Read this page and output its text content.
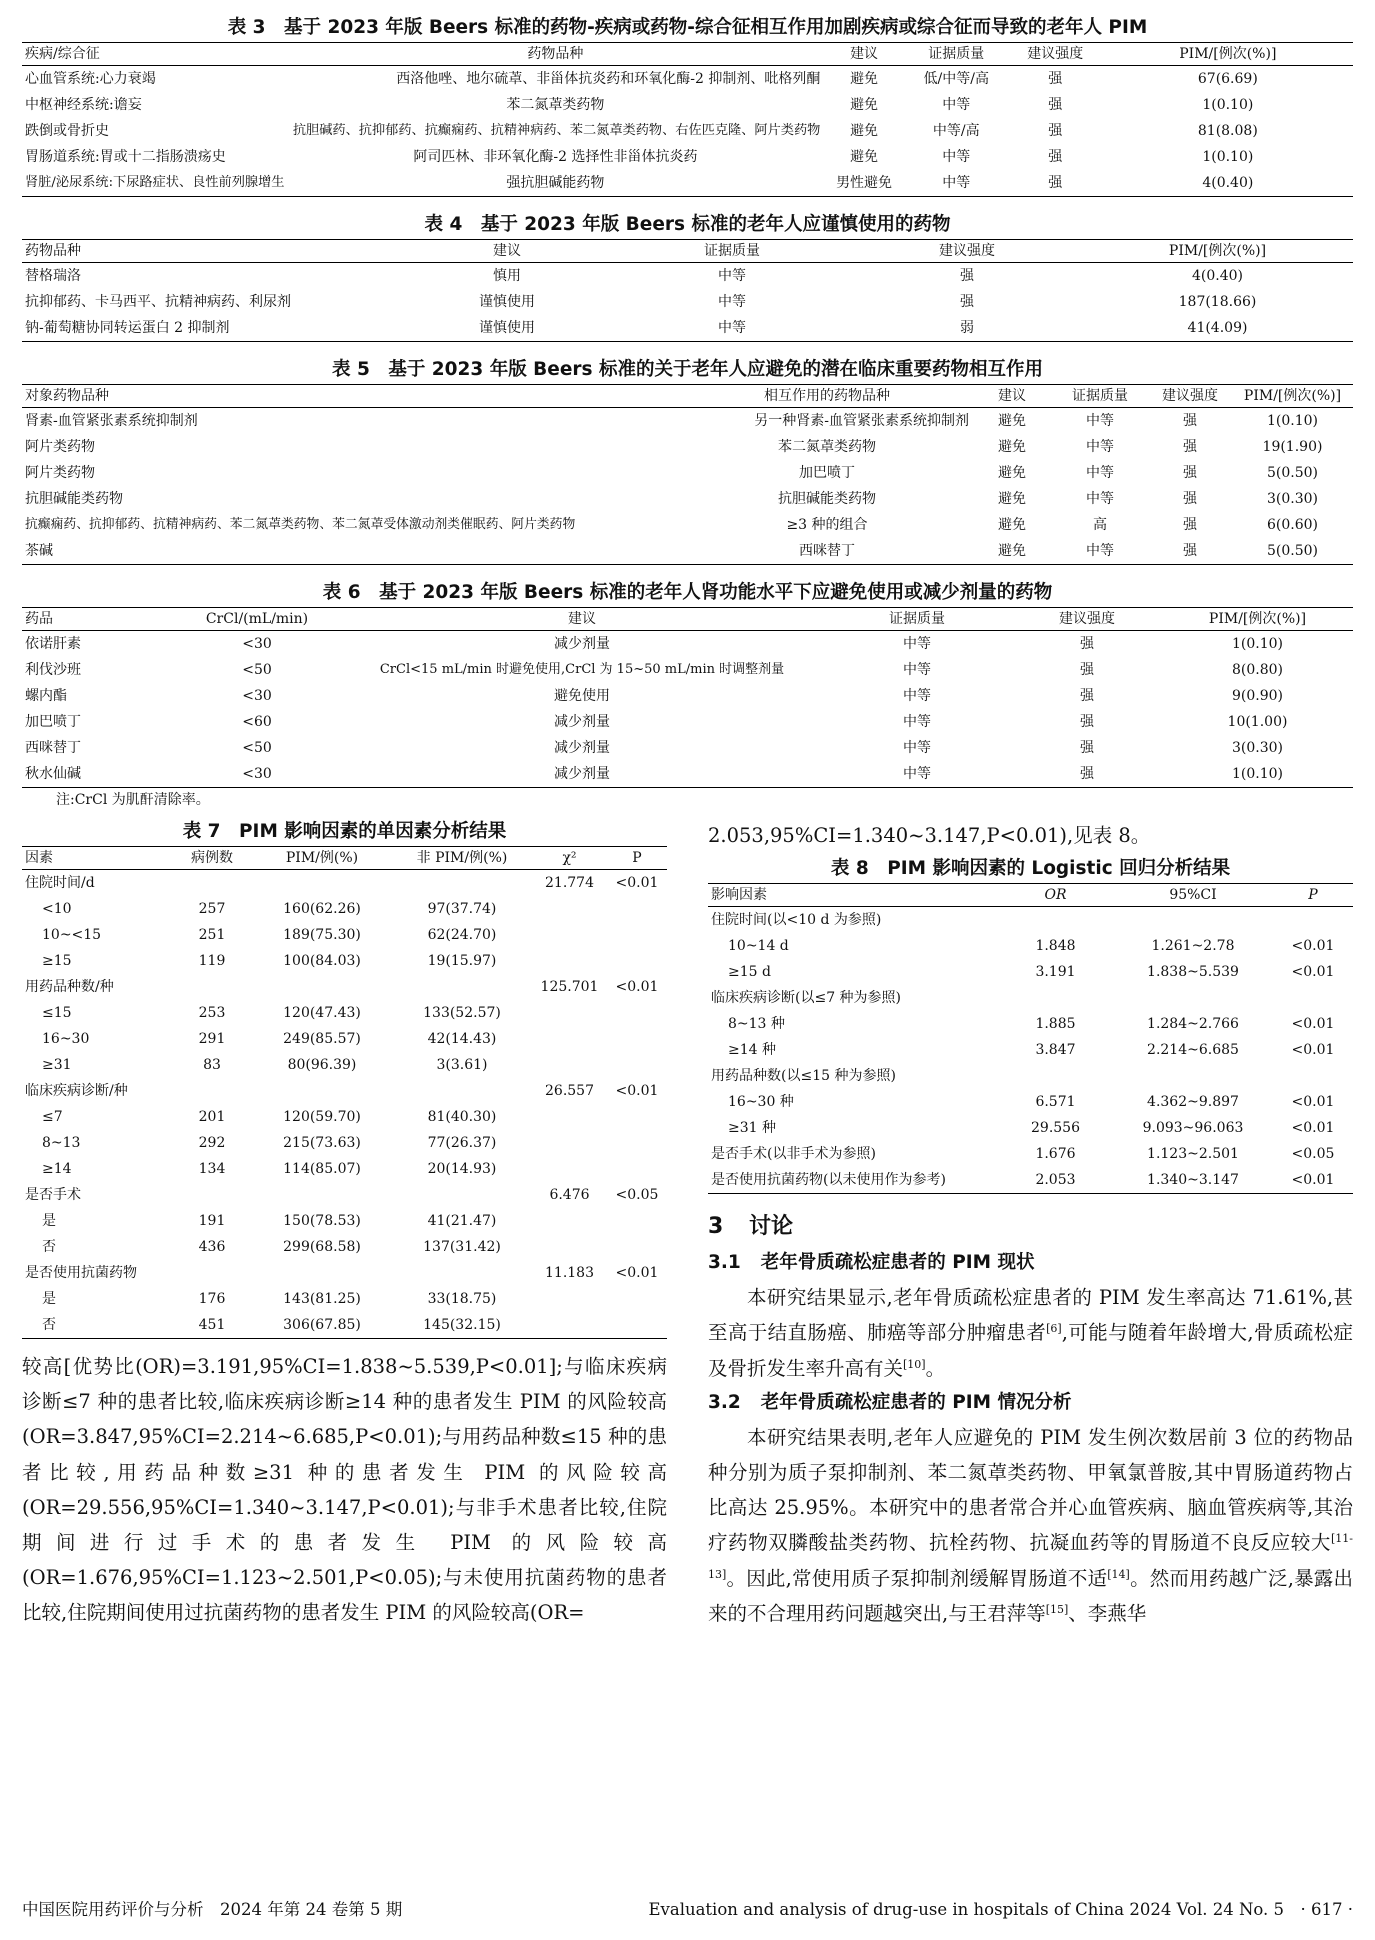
表 3　基于 2023 年版 Beers 标准的药物-疾病或药物-综合征相互作用加剧疾病或综合征而导致的老年人 PIM
疾病/综合征	药物品种	建议	证据质量	建议强度	PIM/[例次(%)]
心血管系统:心力衰竭	西洛他唑、地尔硫䓬、非甾体抗炎药和环氧化酶-2 抑制剂、吡格列酮	避免	低/中等/高	强	67(6.69)
中枢神经系统:谵妄	苯二氮䓬类药物	避免	中等	强	1(0.10)
跌倒或骨折史	抗胆碱药、抗抑郁药、抗癫痫药、抗精神病药、苯二氮䓬类药物、右佐匹克隆、阿片类药物	避免	中等/高	强	81(8.08)
胃肠道系统:胃或十二指肠溃疡史	阿司匹林、非环氧化酶-2 选择性非甾体抗炎药	避免	中等	强	1(0.10)
肾脏/泌尿系统:下尿路症状、良性前列腺增生	强抗胆碱能药物	男性避免	中等	强	4(0.40)
表 4　基于 2023 年版 Beers 标准的老年人应谨慎使用的药物
药物品种	建议	证据质量	建议强度	PIM/[例次(%)]
替格瑞洛	慎用	中等	强	4(0.40)
抗抑郁药、卡马西平、抗精神病药、利尿剂	谨慎使用	中等	强	187(18.66)
钠-葡萄糖协同转运蛋白 2 抑制剂	谨慎使用	中等	弱	41(4.09)
表 5　基于 2023 年版 Beers 标准的关于老年人应避免的潜在临床重要药物相互作用
对象药物品种	相互作用的药物品种	建议	证据质量	建议强度	PIM/[例次(%)]
肾素-血管紧张素系统抑制剂	另一种肾素-血管紧张素系统抑制剂	避免	中等	强	1(0.10)
阿片类药物	苯二氮䓬类药物	避免	中等	强	19(1.90)
阿片类药物	加巴喷丁	避免	中等	强	5(0.50)
抗胆碱能类药物	抗胆碱能类药物	避免	中等	强	3(0.30)
抗癫痫药、抗抑郁药、抗精神病药、苯二氮䓬类药物、苯二氮䓬受体激动剂类催眠药、阿片类药物	≥3 种的组合	避免	高	强	6(0.60)
茶碱	西咪替丁	避免	中等	强	5(0.50)
表 6　基于 2023 年版 Beers 标准的老年人肾功能水平下应避免使用或减少剂量的药物
药品	CrCl/(mL/min)	建议	证据质量	建议强度	PIM/[例次(%)]
依诺肝素	<30	减少剂量	中等	强	1(0.10)
利伐沙班	<50	CrCl<15 mL/min 时避免使用,CrCl 为 15~50 mL/min 时调整剂量	中等	强	8(0.80)
螺内酯	<30	避免使用	中等	强	9(0.90)
加巴喷丁	<60	减少剂量	中等	强	10(1.00)
西咪替丁	<50	减少剂量	中等	强	3(0.30)
秋水仙碱	<30	减少剂量	中等	强	1(0.10)
注:CrCl 为肌酐清除率。
表 7　PIM 影响因素的单因素分析结果
因素	病例数	PIM/例(%)	非 PIM/例(%)	χ²	P
住院时间/d				21.774	<0.01
<10	257	160(62.26)	97(37.74)		
10~<15	251	189(75.30)	62(24.70)		
≥15	119	100(84.03)	19(15.97)		
用药品种数/种				125.701	<0.01
≤15	253	120(47.43)	133(52.57)		
16~30	291	249(85.57)	42(14.43)		
≥31	83	80(96.39)	3(3.61)		
临床疾病诊断/种				26.557	<0.01
≤7	201	120(59.70)	81(40.30)		
8~13	292	215(73.63)	77(26.37)		
≥14	134	114(85.07)	20(14.93)		
是否手术				6.476	<0.05
是	191	150(78.53)	41(21.47)		
否	436	299(68.58)	137(31.42)		
是否使用抗菌药物				11.183	<0.01
是	176	143(81.25)	33(18.75)		
否	451	306(67.85)	145(32.15)		

较高[优势比(OR)=3.191,95%CI=1.838~5.539,P<0.01];与临床疾病诊断≤7 种的患者比较,临床疾病诊断≥14 种的患者发生 PIM 的风险较高(OR=3.847,95%CI=2.214~6.685,P<0.01);与用药品种数≤15 种的患者比较,用药品种数≥31 种的患者发生 PIM 的风险较高(OR=29.556,95%CI=1.340~3.147,P<0.01);与非手术患者比较,住院期间进行过手术的患者发生 PIM 的风险较高(OR=1.676,95%CI=1.123~2.501,P<0.05);与未使用抗菌药物的患者比较,住院期间使用过抗菌药物的患者发生 PIM 的风险较高(OR=

2.053,95%CI=1.340~3.147,P<0.01),见表 8。

表 8　PIM 影响因素的 Logistic 回归分析结果
影响因素	OR	95%CI	P
住院时间(以<10 d 为参照)			
10~14 d	1.848	1.261~2.78	<0.01
≥15 d	3.191	1.838~5.539	<0.01
临床疾病诊断(以≤7 种为参照)			
8~13 种	1.885	1.284~2.766	<0.01
≥14 种	3.847	2.214~6.685	<0.01
用药品种数(以≤15 种为参照)			
16~30 种	6.571	4.362~9.897	<0.01
≥31 种	29.556	9.093~96.063	<0.01
是否手术(以非手术为参照)	1.676	1.123~2.501	<0.05
是否使用抗菌药物(以未使用作为参考)	2.053	1.340~3.147	<0.01
3 讨论
3.1 老年骨质疏松症患者的 PIM 现状

本研究结果显示,老年骨质疏松症患者的 PIM 发生率高达 71.61%,甚至高于结直肠癌、肺癌等部分肿瘤患者[6],可能与随着年龄增大,骨质疏松症及骨折发生率升高有关[10]。

3.2 老年骨质疏松症患者的 PIM 情况分析

本研究结果表明,老年人应避免的 PIM 发生例次数居前 3 位的药物品种分别为质子泵抑制剂、苯二氮䓬类药物、甲氧氯普胺,其中胃肠道药物占比高达 25.95%。本研究中的患者常合并心血管疾病、脑血管疾病等,其治疗药物双膦酸盐类药物、抗栓药物、抗凝血药等的胃肠道不良反应较大[11-13]。因此,常使用质子泵抑制剂缓解胃肠道不适[14]。然而用药越广泛,暴露出来的不合理用药问题越突出,与王君萍等[15]、李燕华

中国医院用药评价与分析　2024 年第 24 卷第 5 期	Evaluation and analysis of drug-use in hospitals of China 2024 Vol. 24 No. 5　· 617 ·
